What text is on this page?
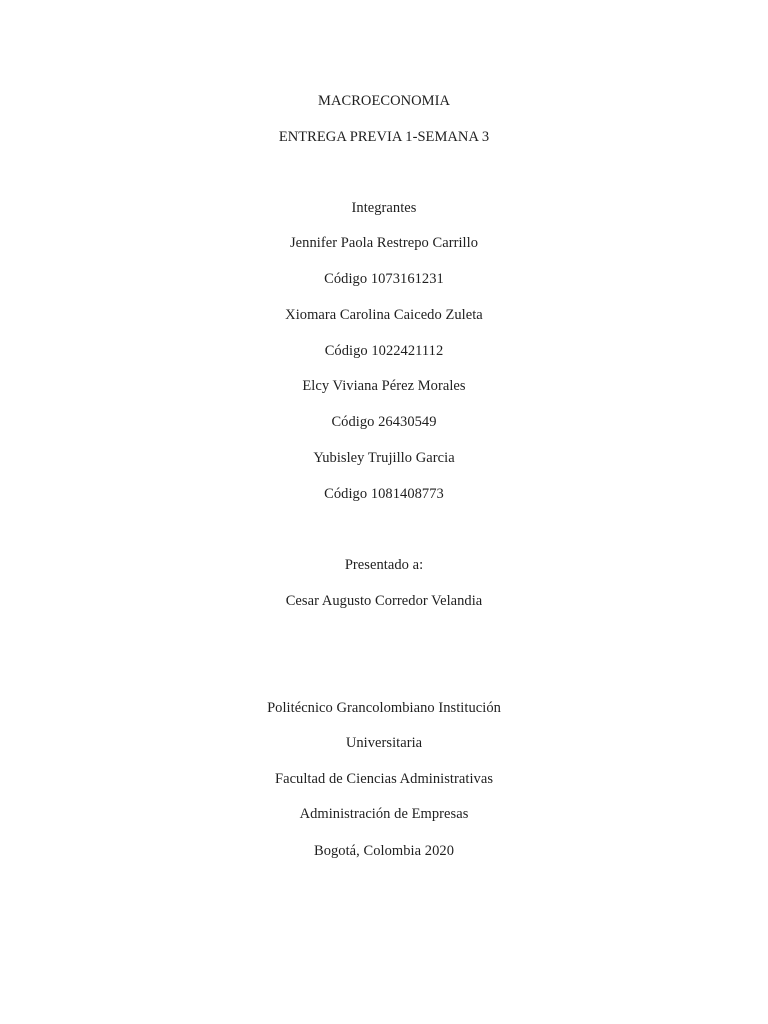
MACROECONOMIA

ENTREGA PREVIA 1-SEMANA 3

Integrantes

Jennifer Paola Restrepo Carrillo

Código 1073161231

Xiomara Carolina Caicedo Zuleta

Código 1022421112

Elcy Viviana Pérez Morales

Código 26430549

Yubisley Trujillo Garcia

Código 1081408773

Presentado a:

Cesar Augusto Corredor Velandia

Politécnico Grancolombiano Institución

Universitaria

Facultad de Ciencias Administrativas

Administración de Empresas

Bogotá, Colombia 2020
